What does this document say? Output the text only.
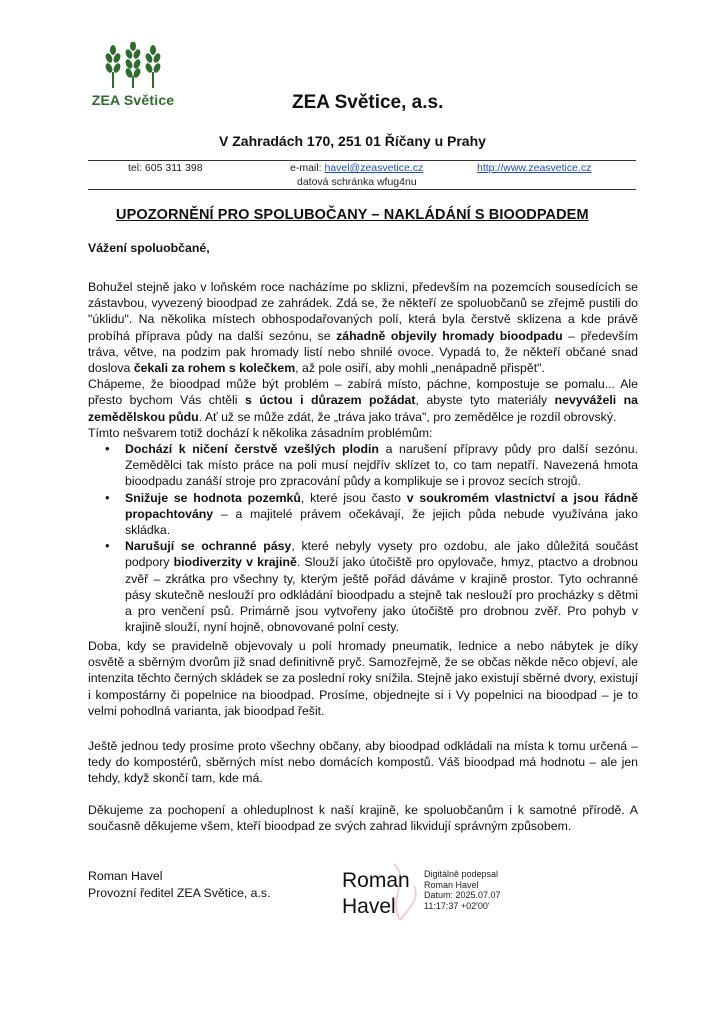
ZEA Světice	ZEA Světice, a.s.
V Zahradách 170, 251 01 Říčany u Prahy
tel: 605 311 398	e-mail: havel@zeasvetice.cz
datová schránka wfug4nu
http://www.zeasvetice.cz
UPOZORNĚNÍ PRO SPOLUBOČANY – NAKLÁDÁNÍ S BIOODPADEM
Vážení spoluobčané,

Bohužel stejně jako v loňském roce nacházíme po sklizni, především na pozemcích sousedících se zástavbou, vyvezený bioodpad ze zahrádek. Zdá se, že někteří ze spoluobčanů se zřejmě pustili do "úklidu". Na několika místech obhospodařovaných polí, která byla čerstvě sklizena a kde právě probíhá příprava půdy na další sezónu, se záhadně objevily hromady bioodpadu – především tráva, větve, na podzim pak hromady listí nebo shnilé ovoce. Vypadá to, že někteří občané snad doslova čekali za rohem s kolečkem, až pole osiří, aby mohli „nenápadně přispět".

Chápeme, že bioodpad může být problém – zabírá místo, páchne, kompostuje se pomalu... Ale přesto bychom Vás chtěli s úctou i důrazem požádat, abyste tyto materiály nevyváželi na zemědělskou půdu. Ať už se může zdát, že „tráva jako tráva", pro zemědělce je rozdíl obrovský.

Tímto nešvarem totiž dochází k několika zásadním problémům:

• Dochází k ničení čerstvě vzešlých plodin a narušení přípravy půdy pro další sezónu. Zemědělci tak místo práce na poli musí nejdřív sklízet to, co tam nepatří. Navezená hmota bioodpadu zanáší stroje pro zpracování půdy a komplikuje se i provoz secích strojů.
• Snižuje se hodnota pozemků, které jsou často v soukromém vlastnictví a jsou řádně propachtovány – a majitelé právem očekávají, že jejich půda nebude využívána jako skládka.
• Narušují se ochranné pásy, které nebyly vysety pro ozdobu, ale jako důležitá součást podpory biodiverzity v krajině. Slouží jako útočiště pro opylovače, hmyz, ptactvo a drobnou zvěř – zkrátka pro všechny ty, kterým ještě pořád dáváme v krajině prostor. Tyto ochranné pásy skutečně neslouží pro odkládání bioodpadu a stejně tak neslouží pro procházky s dětmi a pro venčení psů. Primárně jsou vytvořeny jako útočiště pro drobnou zvěř. Pro pohyb v krajině slouží, nyní hojně, obnovované polní cesty.
Doba, kdy se pravidelně objevovaly u polí hromady pneumatik, lednice a nebo nábytek je díky osvětě a sběrným dvorům již snad definitivně pryč. Samozřejmě, že se občas někde něco objeví, ale intenzita těchto černých skládek se za poslední roky snížila. Stejně jako existují sběrné dvory, existují i kompostárny či popelnice na bioodpad. Prosíme, objednejte si i Vy popelnici na bioodpad – je to velmi pohodlná varianta, jak bioodpad řešit.
Ještě jednou tedy prosíme proto všechny občany, aby bioodpad odkládali na místa k tomu určená – tedy do kompostérů, sběrných míst nebo domácích kompostů. Váš bioodpad má hodnotu – ale jen tehdy, když skončí tam, kde má.
Děkujeme za pochopení a ohleduplnost k naší krajině, ke spoluobčanům i k samotné přírodě. A současně děkujeme všem, kteří bioodpad ze svých zahrad likvidují správným způsobem.
Roman Havel
Provozní ředitel ZEA Světice, a.s.
Roman
Havel
Digitálně podepsal
Roman Havel
Datum: 2025.07.07
11:17:37 +02'00'
